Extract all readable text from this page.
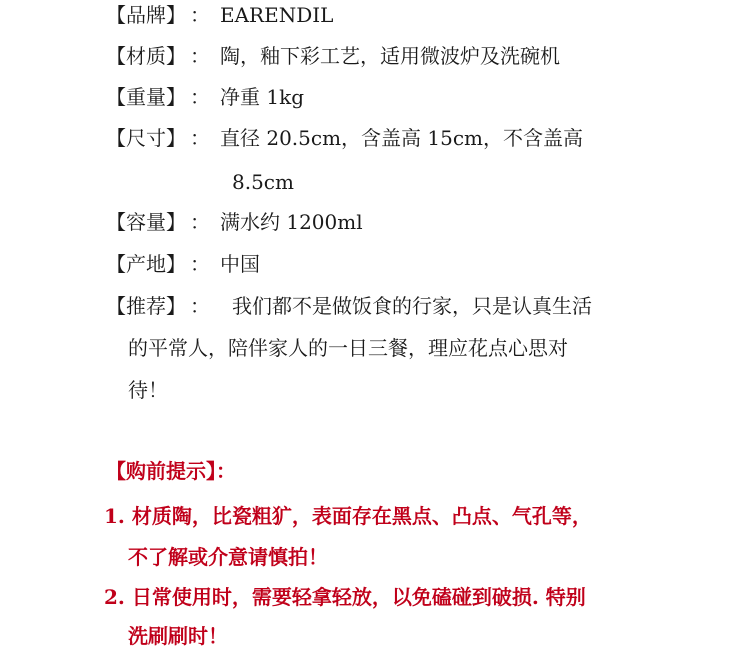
【品牌】 ： EARENDIL
【材质】 ： 陶，釉下彩工艺，适用微波炉及洗碗机
【重量】 ： 净重 1kg
【尺寸】 ： 直径 20.5cm，含盖高 15cm，不含盖高
8.5cm
【容量】 ： 满水约 1200ml
【产地】 ： 中国
【推荐】 ： 我们都不是做饭食的行家，只是认真生活
的平常人，陪伴家人的一日三餐，理应花点心思对
待！
【购前提示】：
1. 材质陶，比瓷粗犷，表面存在黑点、凸点、气孔等，
不了解或介意请慎拍！
2. 日常使用时，需要轻拿轻放，以免磕碰到破损. 特别
洗刷刷时！
